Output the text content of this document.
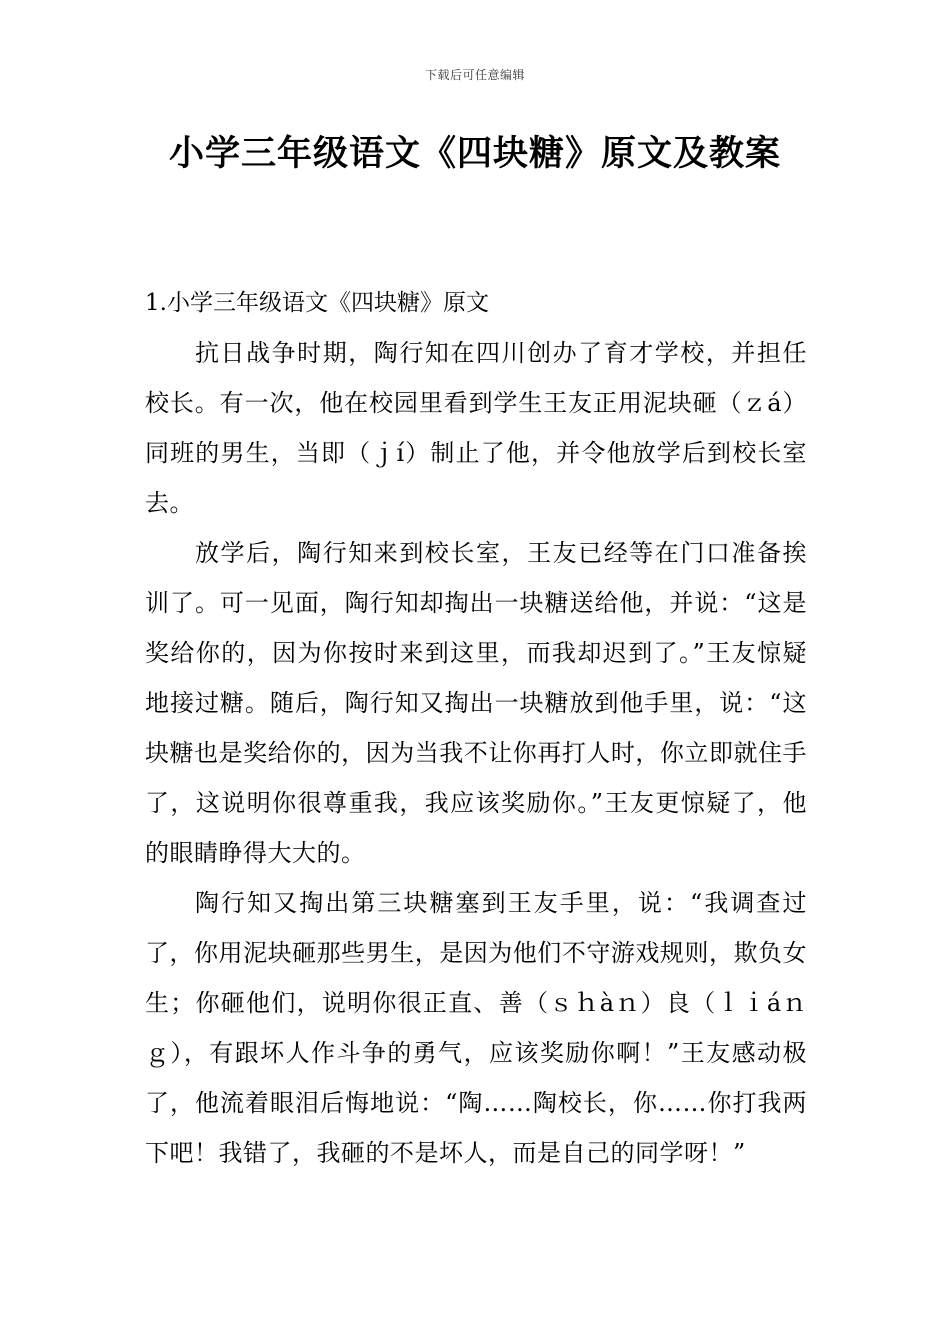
下载后可任意编辑
小学三年级语文《四块糖》原文及教案
1.小学三年级语文《四块糖》原文

抗日战争时期，陶行知在四川创办了育才学校，并担任校长。有一次，他在校园里看到学生王友正用泥块砸（ｚá）同班的男生，当即（ｊí）制止了他，并令他放学后到校长室去。

放学后，陶行知来到校长室，王友已经等在门口准备挨训了。可一见面，陶行知却掏出一块糖送给他，并说：“这是奖给你的，因为你按时来到这里，而我却迟到了。”王友惊疑地接过糖。随后，陶行知又掏出一块糖放到他手里，说：“这块糖也是奖给你的，因为当我不让你再打人时，你立即就住手了，这说明你很尊重我，我应该奖励你。”王友更惊疑了，他的眼睛睁得大大的。

陶行知又掏出第三块糖塞到王友手里，说：“我调查过了，你用泥块砸那些男生，是因为他们不守游戏规则，欺负女生；你砸他们，说明你很正直、善（ｓｈàｎ）良（ｌｉáｎｇ），有跟坏人作斗争的勇气，应该奖励你啊！”王友感动极了，他流着眼泪后悔地说：“陶……陶校长，你……你打我两下吧！我错了，我砸的不是坏人，而是自己的同学呀！”
